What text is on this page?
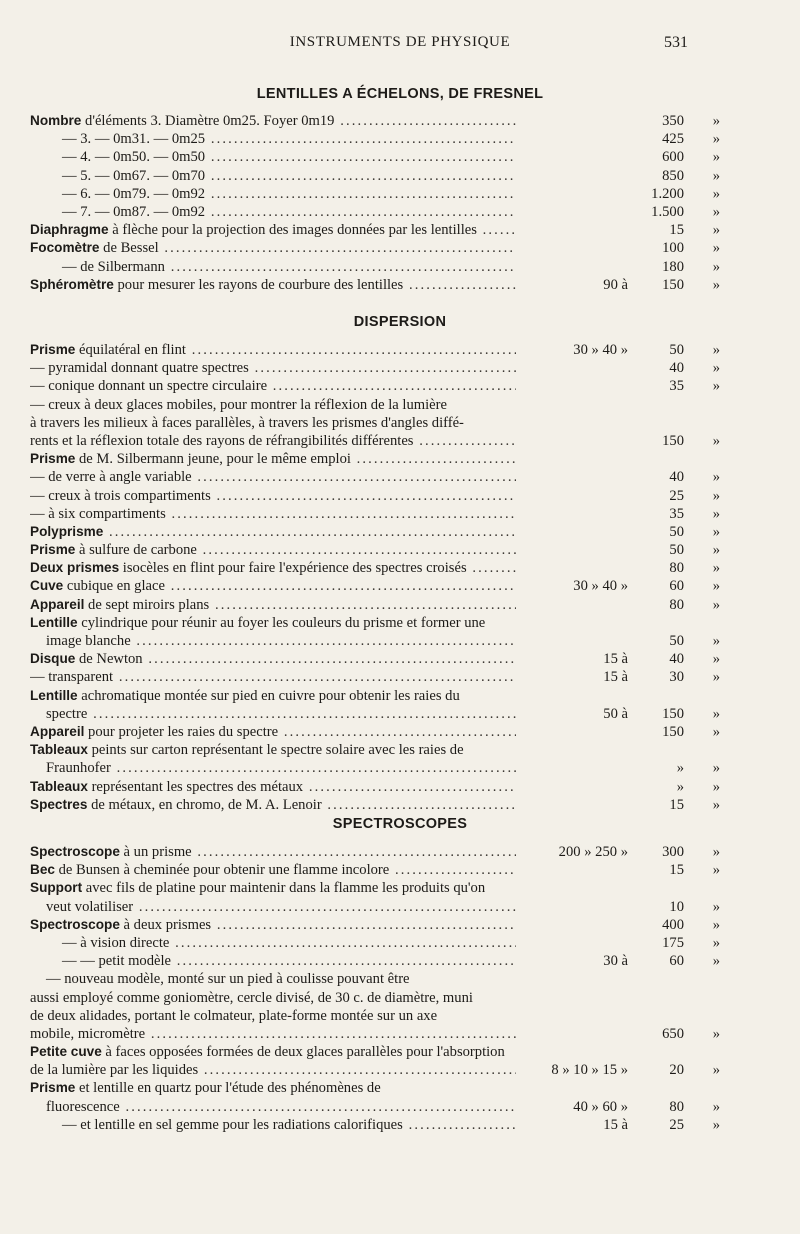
INSTRUMENTS DE PHYSIQUE	531
LENTILLES A ÉCHELONS, DE FRESNEL
Nombre d'éléments 3. Diamètre 0m25. Foyer 0m19 .....	350	»
— 3. — 0m31. — 0m25 .....	425	»
— 4. — 0m50. — 0m50 .....	600	»
— 5. — 0m67. — 0m70 .....	850	»
— 6. — 0m79. — 0m92 .....	1.200	»
— 7. — 0m87. — 0m92 .....	1.500	»
Diaphragme à flèche pour la projection des images données par les lentilles .....	15	»
Focomètre de Bessel .....	100	»
— de Silbermann .....	180	»
Sphéromètre pour mesurer les rayons de courbure des lentilles .....	90 à	150	»
DISPERSION
Prisme équilatéral en flint .....	30 » 40 »	50	»
— pyramidal donnant quatre spectres .....	40	»
— conique donnant un spectre circulaire .....	35	»
— creux à deux glaces mobiles, pour montrer la réflexion de la lumière
à travers les milieux à faces parallèles, à travers les prismes d'angles diffé-
rents et la réflexion totale des rayons de réfrangibilités différentes .....	150	»
Prisme de M. Silbermann jeune, pour le même emploi .....
— de verre à angle variable .....	40	»
— creux à trois compartiments .....	25	»
— à six compartiments .....	35	»
Polyprisme .....	50	»
Prisme à sulfure de carbone .....	50	»
Deux prismes isocèles en flint pour faire l'expérience des spectres croisés .....	80	»
Cuve cubique en glace .....	30 » 40 »	60	»
Appareil de sept miroirs plans .....	80	»
Lentille cylindrique pour réunir au foyer les couleurs du prisme et former une
image blanche .....	50	»
Disque de Newton .....	15 à	40	»
— transparent .....	15 à	30	»
Lentille achromatique montée sur pied en cuivre pour obtenir les raies du
spectre .....	50 à	150	»
Appareil pour projeter les raies du spectre .....	150	»
Tableaux peints sur carton représentant le spectre solaire avec les raies de
Fraunhofer .....	»	»
Tableaux représentant les spectres des métaux .....	»	»
Spectres de métaux, en chromo, de M. A. Lenoir .....	15	»
SPECTROSCOPES
Spectroscope à un prisme .....	200 » 250 »	300	»
Bec de Bunsen à cheminée pour obtenir une flamme incolore .....	15	»
Support avec fils de platine pour maintenir dans la flamme les produits qu'on
veut volatiliser .....	10	»
Spectroscope à deux prismes .....	400	»
— à vision directe .....	175	»
— — petit modèle .....	30 à	60	»
— nouveau modèle, monté sur un pied à coulisse pouvant être
aussi employé comme goniomètre, cercle divisé, de 30 c. de diamètre, muni
de deux alidades, portant le colmateur, plate-forme montée sur un axe
mobile, micromètre .....	650	»
Petite cuve à faces opposées formées de deux glaces parallèles pour l'absorption
de la lumière par les liquides .....	8 » 10 » 15 »	20	»
Prisme et lentille en quartz pour l'étude des phénomènes de
fluorescence .....	40 » 60 »	80	»
— et lentille en sel gemme pour les radiations calorifiques .....	15 à	25	»
